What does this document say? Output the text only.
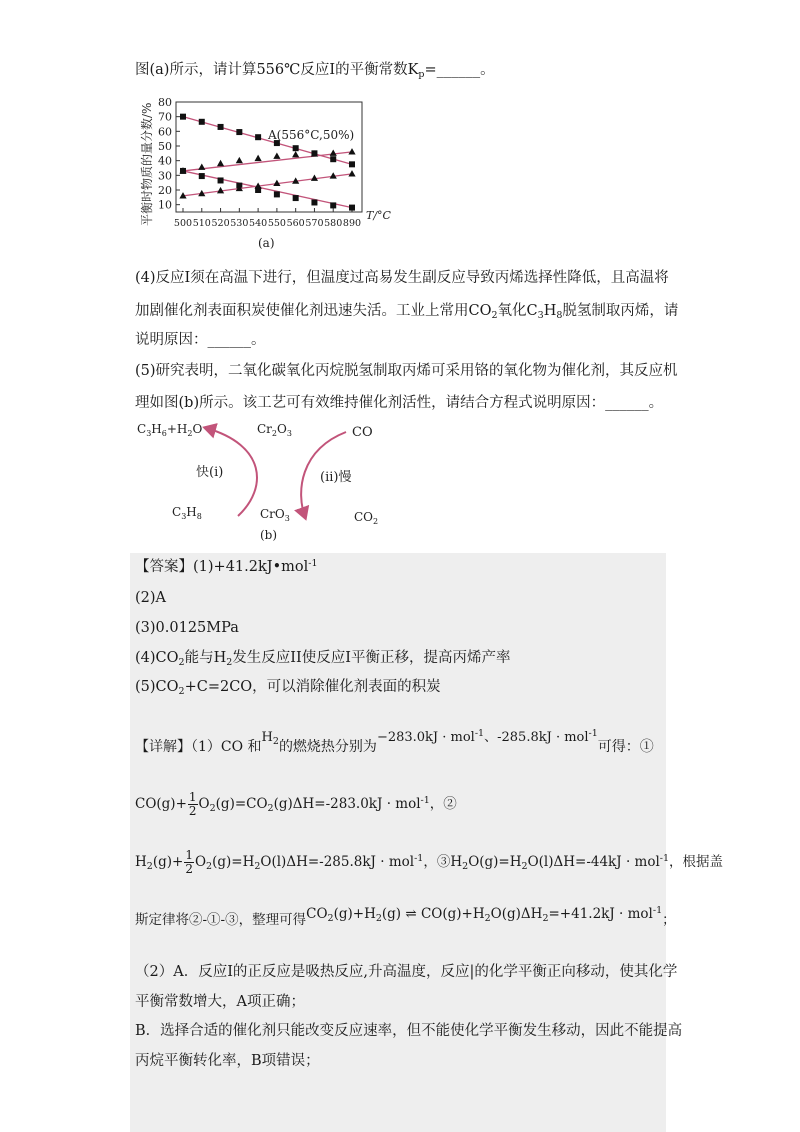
图(a)所示，请计算556℃反应I的平衡常数$K_p=\_\_\_\_\_\_$。
80
70
60
50
40
30
20
10
500 510 520 530 540 550 560 570 580 890
平衡时物质的量分数/%	A(556°C,50%)
T/°C
(a)
(4)反应I须在高温下进行，但温度过高易发生副反应导致丙烯选择性降低，且高温将
加剧催化剂表面积炭使催化剂迅速失活。工业上常用$CO_2$氧化$C_3H_8$脱氢制取丙烯，请
说明原因：______。
(5)研究表明，二氧化碳氧化丙烷脱氢制取丙烯可采用铬的氧化物为催化剂，其反应机
理如图(b)所示。该工艺可有效维持催化剂活性，请结合方程式说明原因：______。
$C_3H_6+H_2O$	$Cr_2O_3$	CO
快(i)	(ii)慢
$C_3H_8$	CrO$_3$	$CO_2$
(b)
【答案】(1)+41.2kJ•mol$^{-1}$
(2)A
(3)0.0125MPa
$(4)CO_2$能与$H_2$发生反应II使反应I平衡正移，提高丙烯产率
$(5)CO_2+C=2CO$，可以消除催化剂表面的积炭
【详解】（1）CO 和$H_2$的燃烧热分别为−283.0kJ · mol$^{-1}$、-285.8kJ · mol$^{-1}$可得：①
$CO(g)+ \frac{1}{2} O_2(g)=CO_2(g)\Delta H=-283.0kJ \cdot mol^{-1}$，②
$H_2(g)+ \frac{1}{2} O_2(g)=H_2O(l)\Delta H=-285.8kJ \cdot mol^{-1}$，$③H_2O(g)=H_2O(l)\Delta H=-44kJ \cdot mol^{-1}$，根据盖
斯定律将②-①-③，整理可得$CO_2(g)+H_2(g)$ ⇌ $CO(g)+H_2O(g)\Delta H_2=+41.2kJ \cdot mol^{-1}$；
（2）A．反应I的正反应是吸热反应,升高温度，反应|的化学平衡正向移动，使其化学
平衡常数增大，A项正确；
B．选择合适的催化剂只能改变反应速率，但不能使化学平衡发生移动，因此不能提高
丙烷平衡转化率，B项错误；
